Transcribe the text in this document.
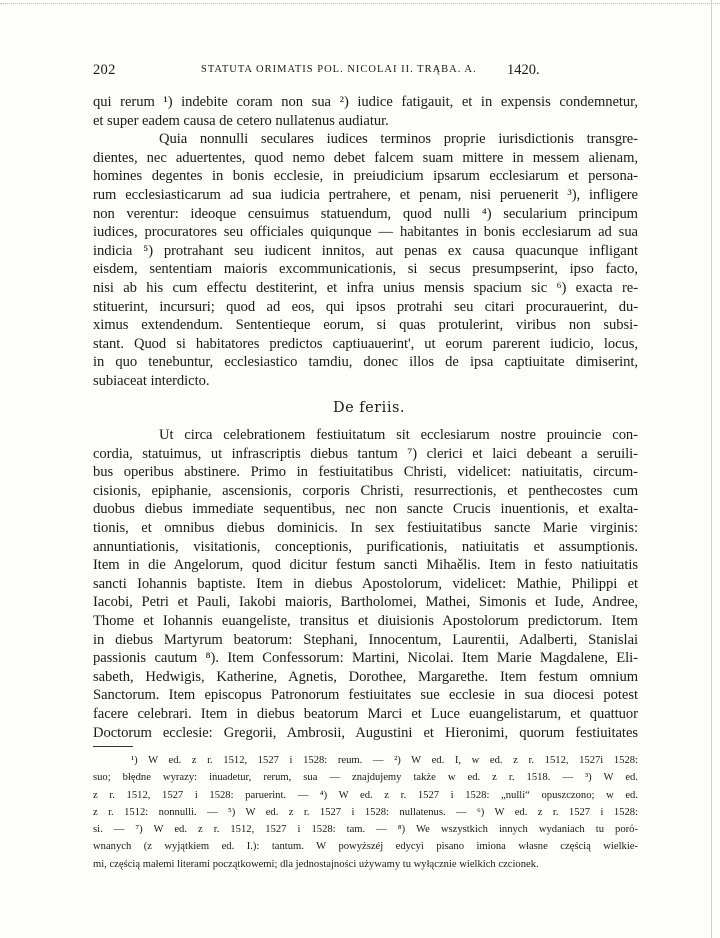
202	STATUTA ORIMATIS POL. NICOLAI II. TRĄBA. A. 1420.
qui rerum ¹) indebite coram non sua ²) iudice fatigauit, et in expensis condemnetur,
et super eadem causa de cetero nullatenus audiatur.
Quia nonnulli seculares iudices terminos proprie iurisdictionis transgre-
dientes, nec aduertentes, quod nemo debet falcem suam mittere in messem alienam,
homines degentes in bonis ecclesie, in preiudicium ipsarum ecclesiarum et persona-
rum ecclesiasticarum ad sua iudicia pertrahere, et penam, nisi peruenerit ³), infligere
non verentur: ideoque censuimus statuendum, quod nulli ⁴) secularium principum
iudices, procuratores seu officiales quiqunque — habitantes in bonis ecclesiarum ad sua
indicia ⁵) protrahant seu iudicent innitos, aut penas ex causa quacunque infligant
eisdem, sententiam maioris excommunicationis, si secus presumpserint, ipso facto,
nisi ab his cum effectu destiterint, et infra unius mensis spacium sic ⁶) exacta re-
stituerint, incursuri; quod ad eos, qui ipsos protrahi seu citari procurauerint, du-
ximus extendendum. Sententieque eorum, si quas protulerint, viribus non subsi-
stant. Quod si habitatores predictos captiuauerint', ut eorum parerent iudicio, locus,
in quo tenebuntur, ecclesiastico tamdiu, donec illos de ipsa captiuitate dimiserint,
subiaceat interdicto.
De feriis.
Ut circa celebrationem festiuitatum sit ecclesiarum nostre prouincie con-
cordia, statuimus, ut infrascriptis diebus tantum ⁷) clerici et laici debeant a seruili-
bus operibus abstinere. Primo in festiuitatibus Christi, videlicet: natiuitatis, circum-
cisionis, epiphanie, ascensionis, corporis Christi, resurrectionis, et penthecostes cum
duobus diebus immediate sequentibus, nec non sancte Crucis inuentionis, et exalta-
tionis, et omnibus diebus dominicis. In sex festiuitatibus sancte Marie virginis:
annuntiationis, visitationis, conceptionis, purificationis, natiuitatis et assumptionis.
Item in die Angelorum, quod dicitur festum sancti Mihaělis. Item in festo natiuitatis
sancti Iohannis baptiste. Item in diebus Apostolorum, videlicet: Mathie, Philippi et
Iacobi, Petri et Pauli, Iakobi maioris, Bartholomei, Mathei, Simonis et Iude, Andree,
Thome et Iohannis euangeliste, transitus et diuisionis Apostolorum predictorum. Item
in diebus Martyrum beatorum: Stephani, Innocentum, Laurentii, Adalberti, Stanislai
passionis cautum ⁸). Item Confessorum: Martini, Nicolai. Item Marie Magdalene, Eli-
sabeth, Hedwigis, Katherine, Agnetis, Dorothee, Margarethe. Item festum omnium
Sanctorum. Item episcopus Patronorum festiuitates sue ecclesie in sua diocesi potest
facere celebrari. Item in diebus beatorum Marci et Luce euangelistarum, et quattuor
Doctorum ecclesie: Gregorii, Ambrosii, Augustini et Hieronimi, quorum festiuitates
¹) W ed. z r. 1512, 1527 i 1528: reum. — ²) W ed. I, w ed. z r. 1512, 1527i 1528:
suo; błędne wyrazy: inuadetur, rerum, sua — znajdujemy także w ed. z r. 1518. — ³) W ed.
z r. 1512, 1527 i 1528: paruerint. — ⁴) W ed. z r. 1527 i 1528: „nulli“ opuszczono; w ed.
z r. 1512: nonnulli. — ⁵) W ed. z r. 1527 i 1528: nullatenus. — ⁶) W ed. z r. 1527 i 1528:
si. — ⁷) W ed. z r. 1512, 1527 i 1528: tam. — ⁸) We wszystkich innych wydaniach tu porό-
wnanych (z wyjątkiem ed. I.): tantum. W powyższéj edycyi pisano imiona własne częścią wielkie-
mi, częścią małemi literami początkowemi; dla jednostajności używamy tu wyłącznie wielkich czcionek.
